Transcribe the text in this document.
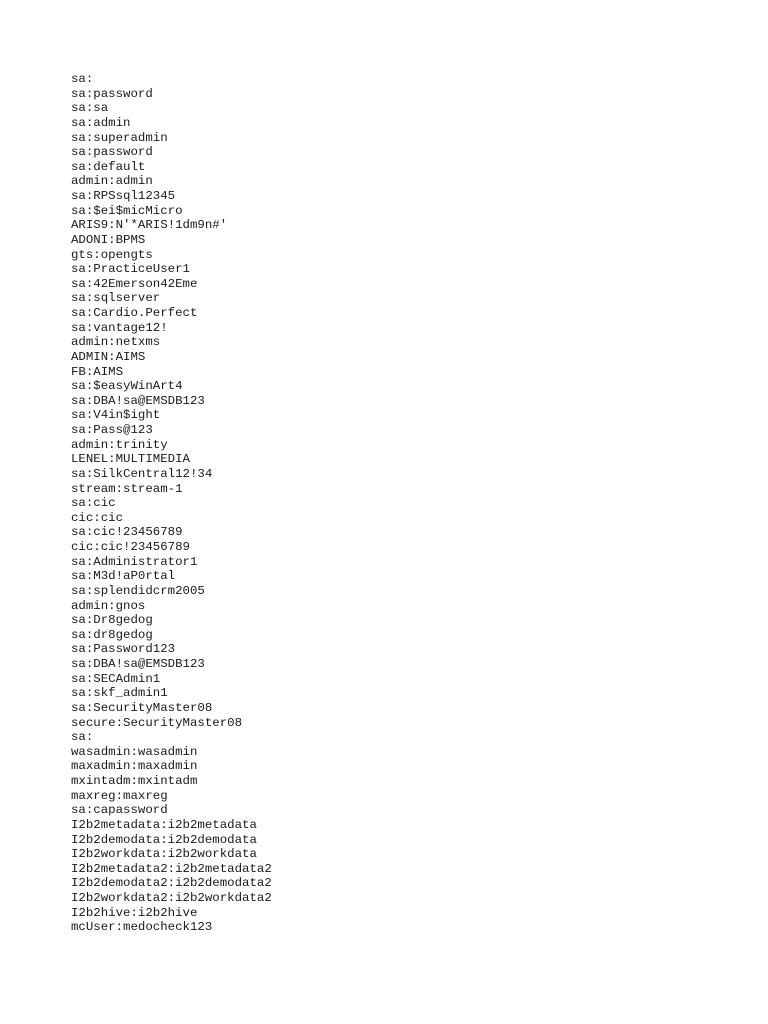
sa:
sa:password
sa:sa
sa:admin
sa:superadmin
sa:password
sa:default
admin:admin
sa:RPSsql12345
sa:$ei$micMicro
ARIS9:N'*ARIS!1dm9n#'
ADONI:BPMS
gts:opengts
sa:PracticeUser1
sa:42Emerson42Eme
sa:sqlserver
sa:Cardio.Perfect
sa:vantage12!
admin:netxms
ADMIN:AIMS
FB:AIMS
sa:$easyWinArt4
sa:DBA!sa@EMSDB123
sa:V4in$ight
sa:Pass@123
admin:trinity
LENEL:MULTIMEDIA
sa:SilkCentral12!34
stream:stream-1
sa:cic
cic:cic
sa:cic!23456789
cic:cic!23456789
sa:Administrator1
sa:M3d!aP0rtal
sa:splendidcrm2005
admin:gnos
sa:Dr8gedog
sa:dr8gedog
sa:Password123
sa:DBA!sa@EMSDB123
sa:SECAdmin1
sa:skf_admin1
sa:SecurityMaster08
secure:SecurityMaster08
sa:
wasadmin:wasadmin
maxadmin:maxadmin
mxintadm:mxintadm
maxreg:maxreg
sa:capassword
I2b2metadata:i2b2metadata
I2b2demodata:i2b2demodata
I2b2workdata:i2b2workdata
I2b2metadata2:i2b2metadata2
I2b2demodata2:i2b2demodata2
I2b2workdata2:i2b2workdata2
I2b2hive:i2b2hive
mcUser:medocheck123
